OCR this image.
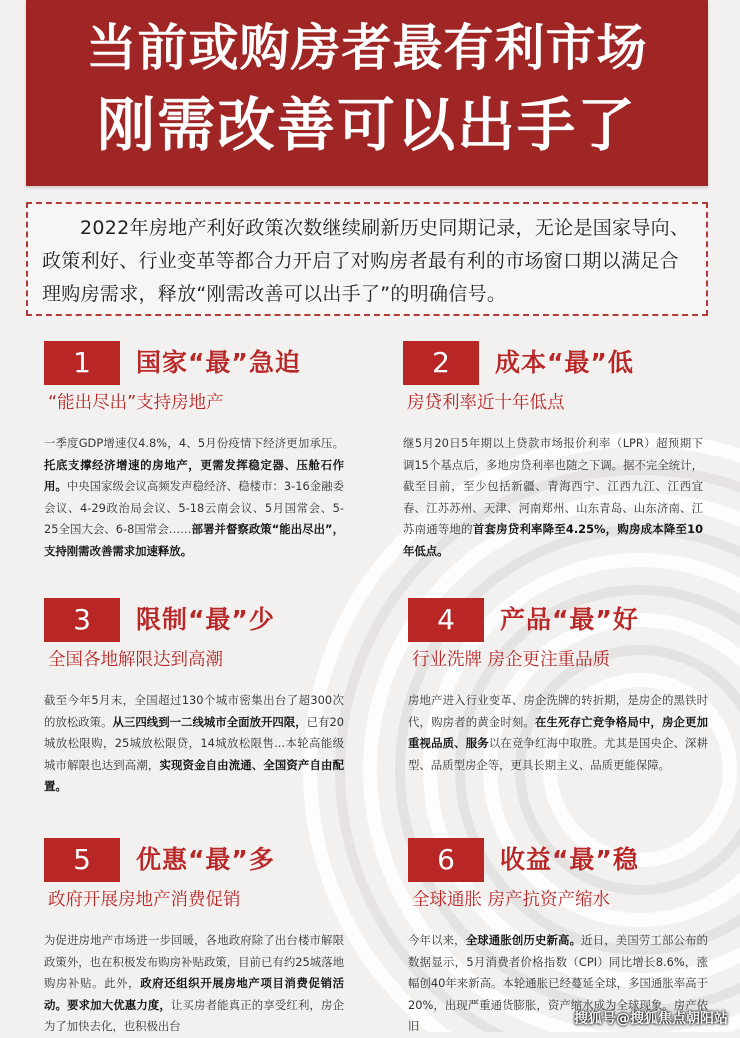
当前或购房者最有利市场
刚需改善可以出手了
2022年房地产利好政策次数继续刷新历史同期记录，无论是国家导向、政策利好、行业变革等都合力开启了对购房者最有利的市场窗口期以满足合理购房需求，释放“刚需改善可以出手了”的明确信号。
1	国家“最”急迫
“能出尽出”支持房地产
一季度GDP增速仅4.8%，4、5月份疫情下经济更加承压。托底支撑经济增速的房地产，更需发挥稳定器、压舱石作用。中央国家级会议高频发声稳经济、稳楼市：3-16金融委会议、4-29政治局会议、5-18云南会议、5月国常会、5-25全国大会、6-8国常会……部署并督察政策“能出尽出”，支持刚需改善需求加速释放。
2	成本“最”低
房贷利率近十年低点
继5月20日5年期以上贷款市场报价利率（LPR）超预期下调15个基点后，多地房贷利率也随之下调。据不完全统计，截至目前，至少包括新疆、青海西宁、江西九江、江西宜春、江苏苏州、天津、河南郑州、山东青岛、山东济南、江苏南通等地的首套房贷利率降至4.25%，购房成本降至10年低点。
3	限制“最”少
全国各地解限达到高潮
截至今年5月末，全国超过130个城市密集出台了超300次的放松政策。从三四线到一二线城市全面放开四限，已有20城放松限购，25城放松限贷，14城放松限售...本轮高能级城市解限也达到高潮，实现资金自由流通、全国资产自由配置。
4	产品“最”好
行业洗牌 房企更注重品质
房地产进入行业变革、房企洗牌的转折期，是房企的黑铁时代，购房者的黄金时刻。在生死存亡竞争格局中，房企更加重视品质、服务以在竞争红海中取胜。尤其是国央企、深耕型、品质型房企等，更具长期主义、品质更能保障。
5	优惠“最”多
政府开展房地产消费促销
为促进房地产市场进一步回暖，各地政府除了出台楼市解限政策外，也在积极发布购房补贴政策，目前已有约25城落地购房补贴。此外，政府还组织开展房地产项目消费促销活动。要求加大优惠力度，让买房者能真正的享受红利，房企为了加快去化，也积极出台
6	收益“最”稳
全球通胀 房产抗资产缩水
今年以来，全球通胀创历史新高。近日，美国劳工部公布的数据显示，5月消费者价格指数（CPI）同比增长8.6%，涨幅创40年来新高。本轮通胀已经蔓延全球，多国通胀率高于20%，出现严重通货膨胀，资产缩水成为全球现象。房产依旧	搜狐号@搜狐焦点朝阳站
